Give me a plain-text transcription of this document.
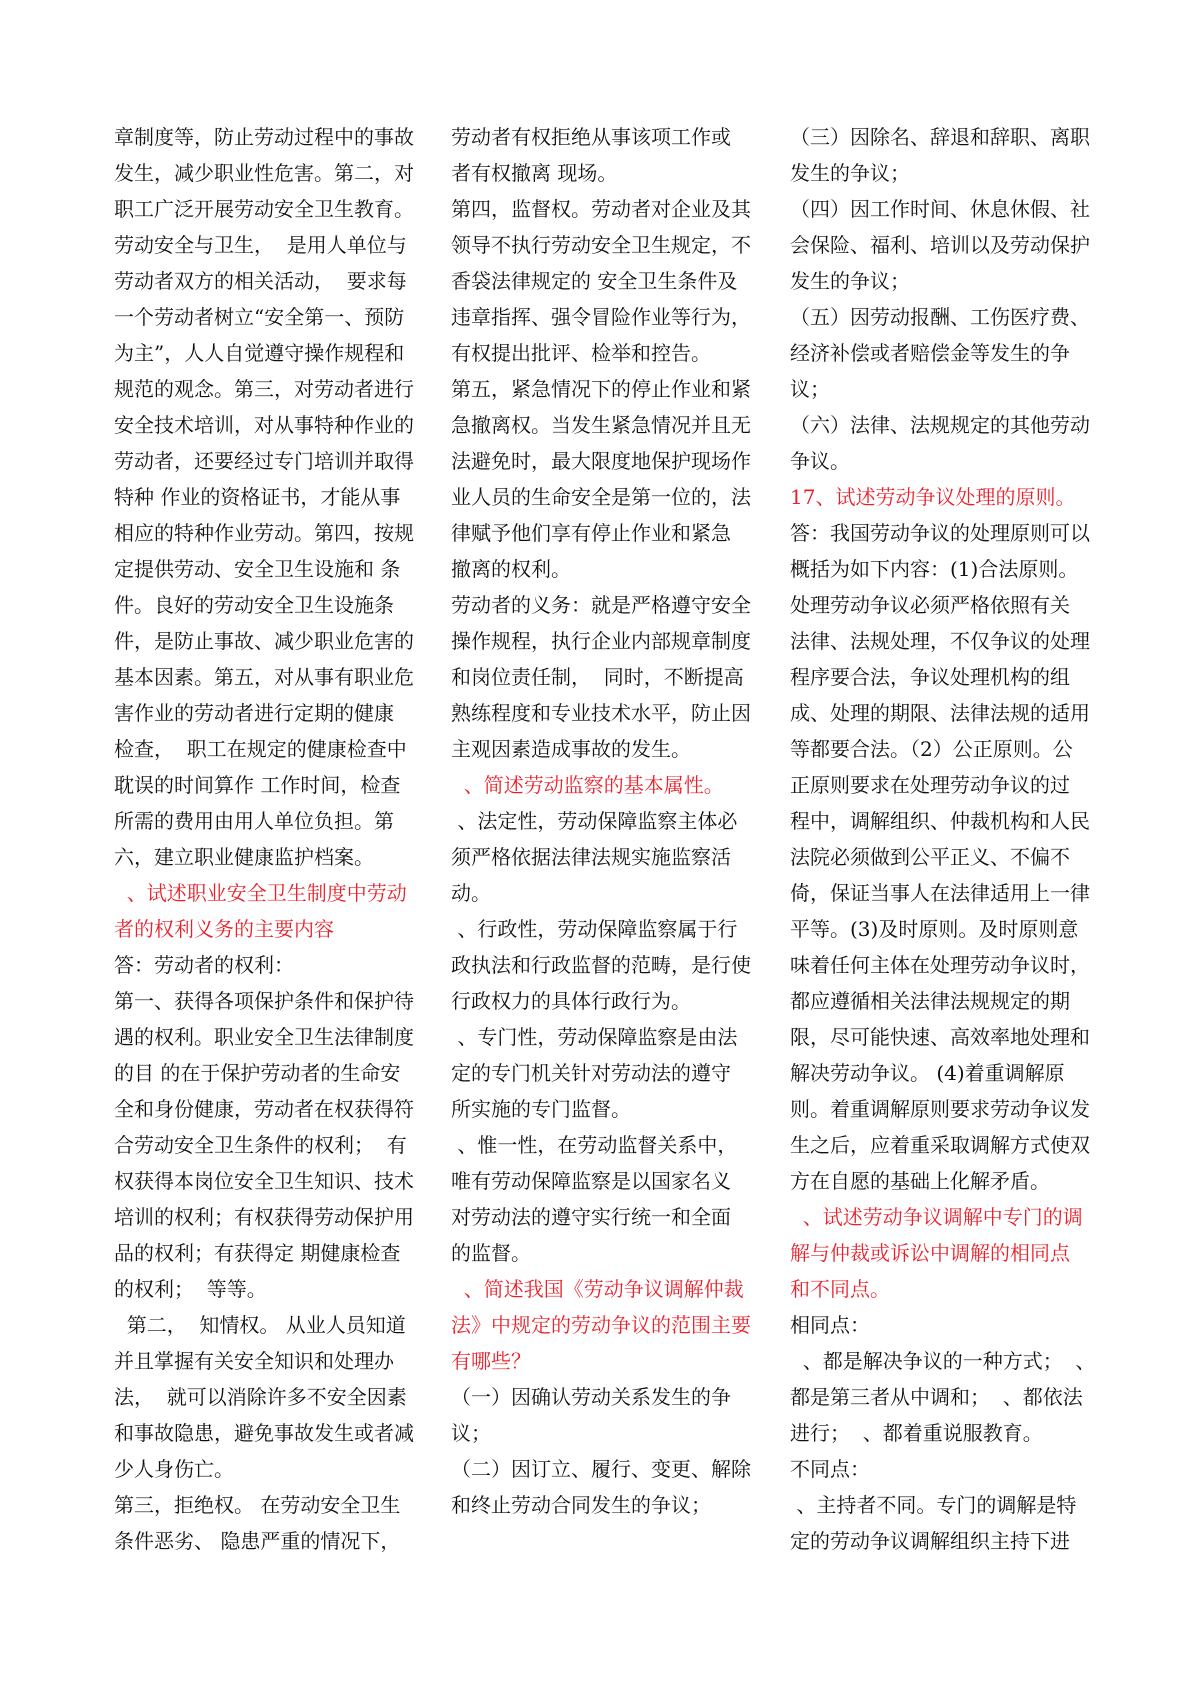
章制度等，防止劳动过程中的事故
发生，减少职业性危害。第二，对
职工广泛开展劳动安全卫生教育。
劳动安全与卫生，  是用人单位与
劳动者双方的相关活动，  要求每
一个劳动者树立“安全第一、预防
为主”，人人自觉遵守操作规程和
规范的观念。第三，对劳动者进行
安全技术培训，对从事特种作业的
劳动者，还要经过专门培训并取得
特种 作业的资格证书，才能从事
相应的特种作业劳动。第四，按规
定提供劳动、安全卫生设施和 条
件。良好的劳动安全卫生设施条
件，是防止事故、减少职业危害的
基本因素。第五，对从事有职业危
害作业的劳动者进行定期的健康
检查，  职工在规定的健康检查中
耽误的时间算作 工作时间，检查
所需的费用由用人单位负担。第
六，建立职业健康监护档案。
、试述职业安全卫生制度中劳动
者的权利义务的主要内容
答：劳动者的权利：
第一、获得各项保护条件和保护待
遇的权利。职业安全卫生法律制度
的目 的在于保护劳动者的生命安
全和身份健康，劳动者在权获得符
合劳动安全卫生条件的权利；  有
权获得本岗位安全卫生知识、技术
培训的权利；有权获得劳动保护用
品的权利；有获得定 期健康检查
的权利；  等等。
第二，  知情权。 从业人员知道
并且掌握有关安全知识和处理办
法，  就可以消除许多不安全因素
和事故隐患，避免事故发生或者减
少人身伤亡。
第三，拒绝权。 在劳动安全卫生
条件恶劣、 隐患严重的情况下，
劳动者有权拒绝从事该项工作或
者有权撤离 现场。
第四，监督权。劳动者对企业及其
领导不执行劳动安全卫生规定，不
香袋法律规定的 安全卫生条件及
违章指挥、强令冒险作业等行为，
有权提出批评、检举和控告。
第五，紧急情况下的停止作业和紧
急撤离权。当发生紧急情况并且无
法避免时，最大限度地保护现场作
业人员的生命安全是第一位的，法
律赋予他们享有停止作业和紧急
撤离的权利。
劳动者的义务：就是严格遵守安全
操作规程，执行企业内部规章制度
和岗位责任制，  同时，不断提高
熟练程度和专业技术水平，防止因
主观因素造成事故的发生。
、简述劳动监察的基本属性。
、法定性，劳动保障监察主体必
须严格依据法律法规实施监察活
动。
、行政性，劳动保障监察属于行
政执法和行政监督的范畴，是行使
行政权力的具体行政行为。
、专门性，劳动保障监察是由法
定的专门机关针对劳动法的遵守
所实施的专门监督。
、惟一性，在劳动监督关系中，
唯有劳动保障监察是以国家名义
对劳动法的遵守实行统一和全面
的监督。
、简述我国《劳动争议调解仲裁
法》中规定的劳动争议的范围主要
有哪些？
（一）因确认劳动关系发生的争
议；
（二）因订立、履行、变更、解除
和终止劳动合同发生的争议；
（三）因除名、辞退和辞职、离职
发生的争议；
（四）因工作时间、休息休假、社
会保险、福利、培训以及劳动保护
发生的争议；
（五）因劳动报酬、工伤医疗费、
经济补偿或者赔偿金等发生的争
议；
（六）法律、法规规定的其他劳动
争议。
17、试述劳动争议处理的原则。
答：我国劳动争议的处理原则可以
概括为如下内容：(1)合法原则。
处理劳动争议必须严格依照有关
法律、法规处理，不仅争议的处理
程序要合法，争议处理机构的组
成、处理的期限、法律法规的适用
等都要合法。（2）公正原则。公
正原则要求在处理劳动争议的过
程中，调解组织、仲裁机构和人民
法院必须做到公平正义、不偏不
倚，保证当事人在法律适用上一律
平等。(3)及时原则。及时原则意
味着任何主体在处理劳动争议时，
都应遵循相关法律法规规定的期
限，尽可能快速、高效率地处理和
解决劳动争议。 (4)着重调解原
则。着重调解原则要求劳动争议发
生之后，应着重采取调解方式使双
方在自愿的基础上化解矛盾。
、试述劳动争议调解中专门的调
解与仲裁或诉讼中调解的相同点
和不同点。
相同点：
、都是解决争议的一种方式；  、
都是第三者从中调和；  、都依法
进行；  、都着重说服教育。
不同点：
、主持者不同。专门的调解是特
定的劳动争议调解组织主持下进
